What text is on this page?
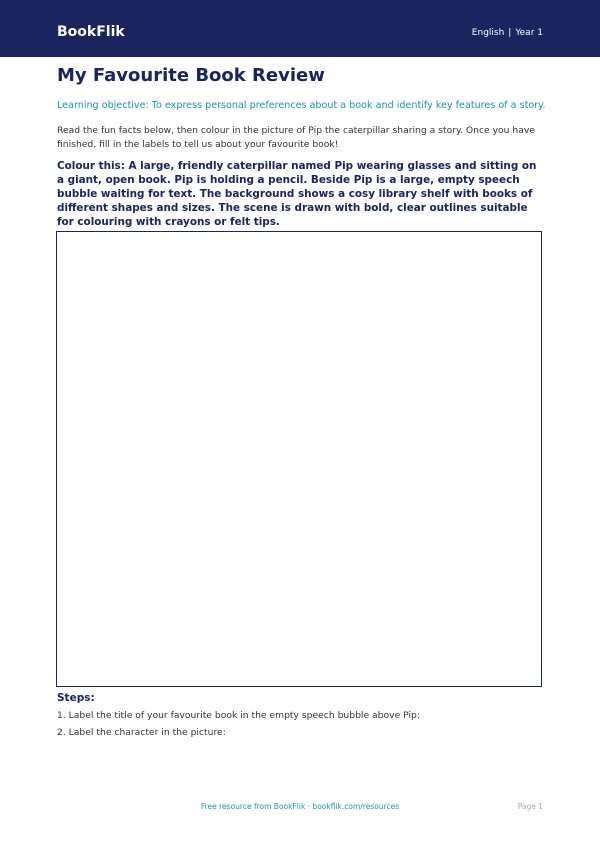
BookFlik	English | Year 1
My Favourite Book Review
Learning objective: To express personal preferences about a book and identify key features of a story.
Read the fun facts below, then colour in the picture of Pip the caterpillar sharing a story. Once you have finished, fill in the labels to tell us about your favourite book!
Colour this: A large, friendly caterpillar named Pip wearing glasses and sitting on a giant, open book. Pip is holding a pencil. Beside Pip is a large, empty speech bubble waiting for text. The background shows a cosy library shelf with books of different shapes and sizes. The scene is drawn with bold, clear outlines suitable for colouring with crayons or felt tips.
Steps:
1. Label the title of your favourite book in the empty speech bubble above Pip:
2. Label the character in the picture:
Free resource from BookFlik · bookflik.com/resources	Page 1
